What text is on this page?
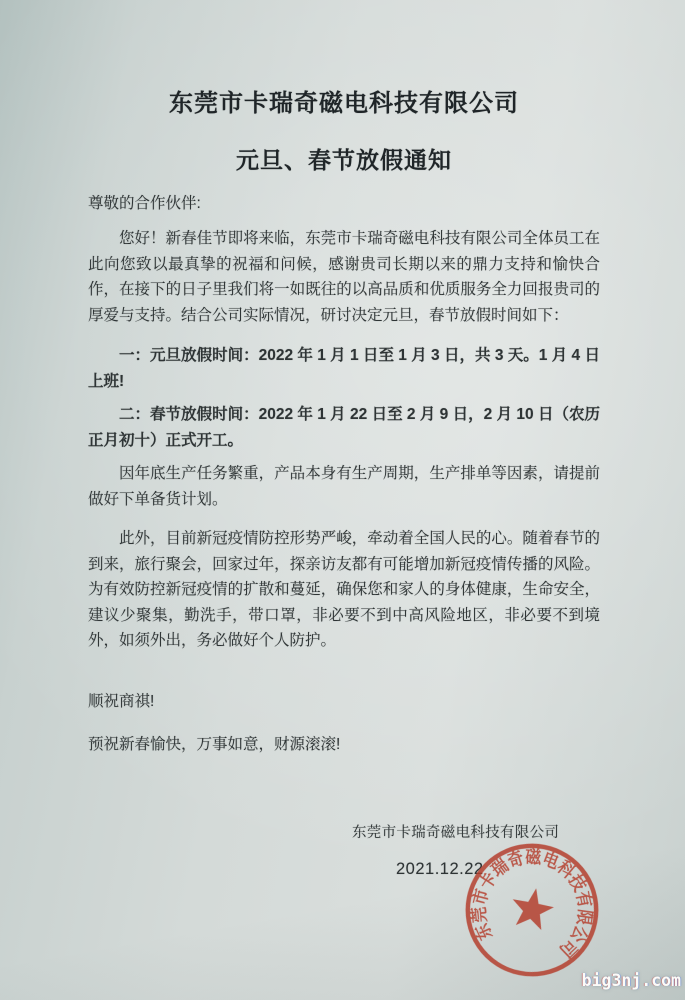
东莞市卡瑞奇磁电科技有限公司
元旦、春节放假通知
尊敬的合作伙伴:

您好！新春佳节即将来临，东莞市卡瑞奇磁电科技有限公司全体员工在此向您致以最真挚的祝福和问候，感谢贵司长期以来的鼎力支持和愉快合作，在接下的日子里我们将一如既往的以高品质和优质服务全力回报贵司的厚爱与支持。结合公司实际情况，研讨决定元旦，春节放假时间如下：

一：元旦放假时间：2022 年 1 月 1 日至 1 月 3 日，共 3 天。1 月 4 日上班!

二：春节放假时间：2022 年 1 月 22 日至 2 月 9 日，2 月 10 日（农历正月初十）正式开工。

因年底生产任务繁重，产品本身有生产周期，生产排单等因素，请提前做好下单备货计划。

此外，目前新冠疫情防控形势严峻，牵动着全国人民的心。随着春节的到来，旅行聚会，回家过年，探亲访友都有可能增加新冠疫情传播的风险。为有效防控新冠疫情的扩散和蔓延，确保您和家人的身体健康，生命安全，建议少聚集，勤洗手，带口罩，非必要不到中高风险地区，非必要不到境外，如须外出，务必做好个人防护。

顺祝商祺!
预祝新春愉快，万事如意，财源滚滚!
东莞市卡瑞奇磁电科技有限公司
2021.12.22
东莞市卡瑞奇磁电科技有限公司
big3nj.com
